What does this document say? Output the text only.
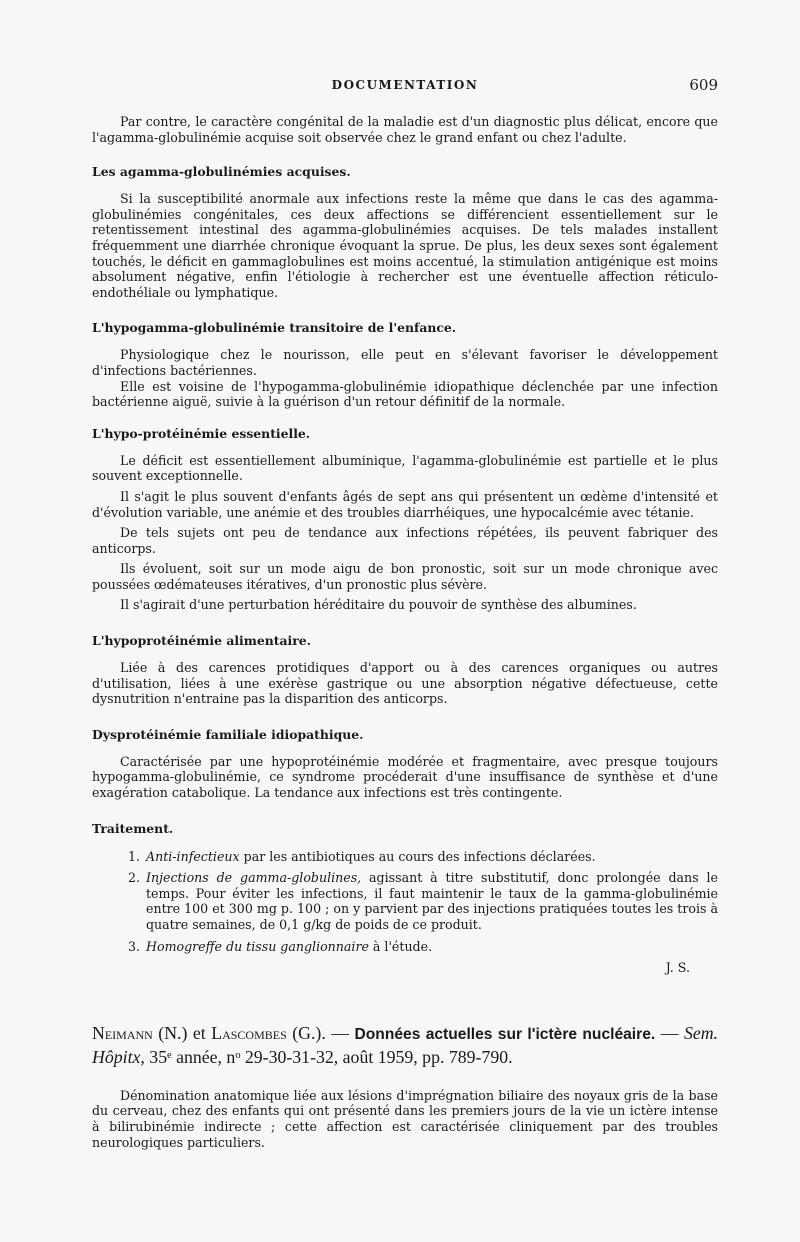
DOCUMENTATION	609

Par contre, le caractère congénital de la maladie est d'un diagnostic plus délicat, encore que l'agamma-globulinémie acquise soit observée chez le grand enfant ou chez l'adulte.

Les agamma-globulinémies acquises.

Si la susceptibilité anormale aux infections reste la même que dans le cas des agamma-globulinémies congénitales, ces deux affections se différencient essentiellement sur le retentissement intestinal des agamma-globulinémies acquises. De tels malades installent fréquemment une diarrhée chronique évoquant la sprue. De plus, les deux sexes sont également touchés, le déficit en gammaglobulines est moins accentué, la stimulation antigénique est moins absolument négative, enfin l'étiologie à rechercher est une éventuelle affection réticulo-endothéliale ou lymphatique.

L'hypogamma-globulinémie transitoire de l'enfance.

Physiologique chez le nourisson, elle peut en s'élevant favoriser le développement d'infections bactériennes.

Elle est voisine de l'hypogamma-globulinémie idiopathique déclenchée par une infection bactérienne aiguë, suivie à la guérison d'un retour définitif de la normale.

L'hypo-protéinémie essentielle.

Le déficit est essentiellement albuminique, l'agamma-globulinémie est partielle et le plus souvent exceptionnelle.

Il s'agit le plus souvent d'enfants âgés de sept ans qui présentent un œdème d'intensité et d'évolution variable, une anémie et des troubles diarrhéiques, une hypocalcémie avec tétanie.

De tels sujets ont peu de tendance aux infections répétées, ils peuvent fabriquer des anticorps.

Ils évoluent, soit sur un mode aigu de bon pronostic, soit sur un mode chronique avec poussées œdémateuses itératives, d'un pronostic plus sévère.

Il s'agirait d'une perturbation héréditaire du pouvoir de synthèse des albumines.

L'hypoprotéinémie alimentaire.

Liée à des carences protidiques d'apport ou à des carences organiques ou autres d'utilisation, liées à une exérèse gastrique ou une absorption négative défectueuse, cette dysnutrition n'entraine pas la disparition des anticorps.

Dysprotéinémie familiale idiopathique.

Caractérisée par une hypoprotéinémie modérée et fragmentaire, avec presque toujours hypogamma-globulinémie, ce syndrome procéderait d'une insuffisance de synthèse et d'une exagération catabolique. La tendance aux infections est très contingente.

Traitement.
1. Anti-infectieux par les antibiotiques au cours des infections déclarées.
2. Injections de gamma-globulines, agissant à titre substitutif, donc prolongée dans le temps. Pour éviter les infections, il faut maintenir le taux de la gamma-globulinémie entre 100 et 300 mg p. 100 ; on y parvient par des injections pratiquées toutes les trois à quatre semaines, de 0,1 g/kg de poids de ce produit.
3. Homogreffe du tissu ganglionnaire à l'étude.

J. S.

Neimann (N.) et Lascombes (G.). — Données actuelles sur l'ictère nucléaire. — Sem. Hôpitx, 35ᵉ année, nᵒ 29-30-31-32, août 1959, pp. 789-790.

Dénomination anatomique liée aux lésions d'imprégnation biliaire des noyaux gris de la base du cerveau, chez des enfants qui ont présenté dans les premiers jours de la vie un ictère intense à bilirubinémie indirecte ; cette affection est caractérisée cliniquement par des troubles neurologiques particuliers.
